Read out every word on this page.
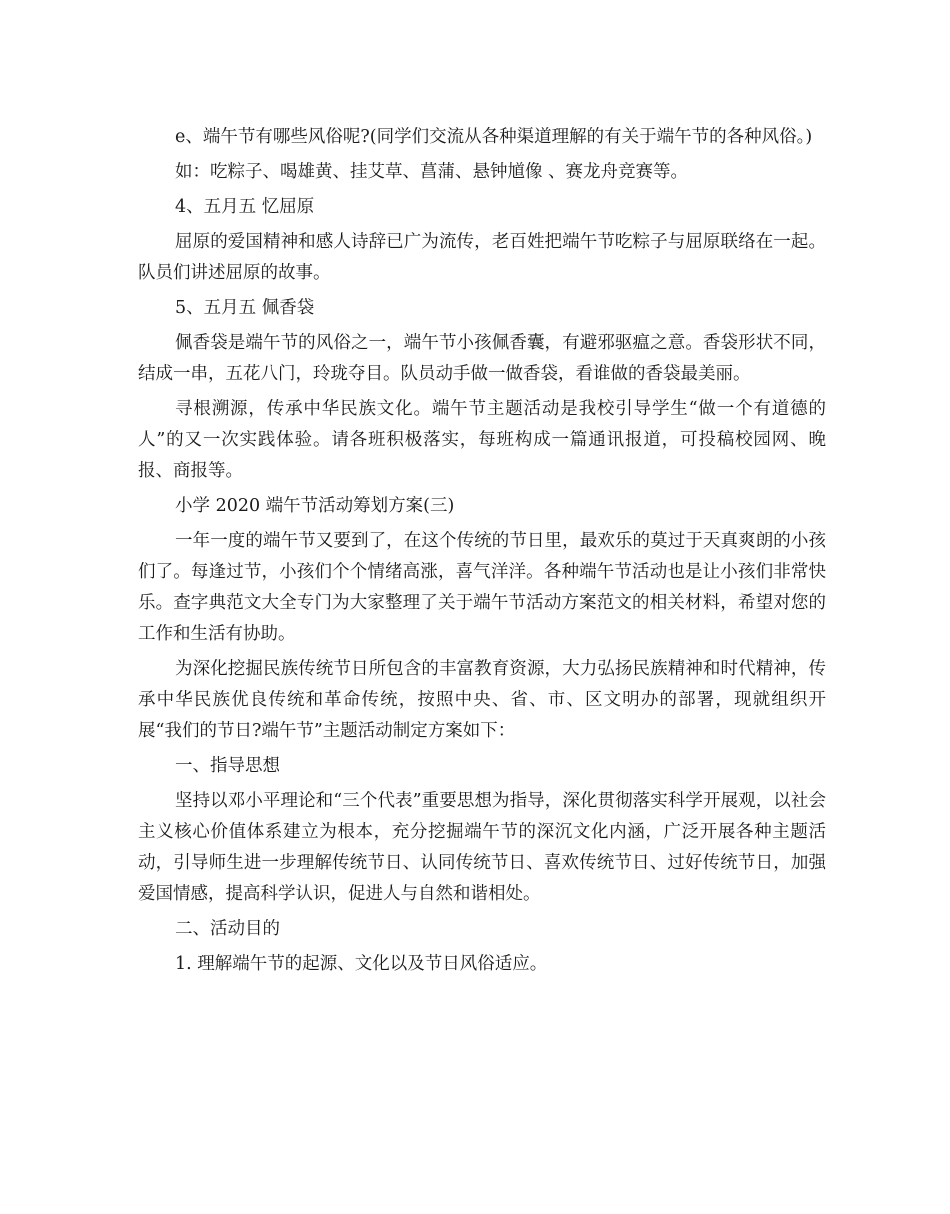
e、端午节有哪些风俗呢?(同学们交流从各种渠道理解的有关于端午节的各种风俗。)

如：吃粽子、喝雄黄、挂艾草、菖蒲、悬钟馗像 、赛龙舟竞赛等。

4、五月五 忆屈原

屈原的爱国精神和感人诗辞已广为流传，老百姓把端午节吃粽子与屈原联络在一起。队员们讲述屈原的故事。

5、五月五 佩香袋

佩香袋是端午节的风俗之一，端午节小孩佩香囊，有避邪驱瘟之意。香袋形状不同，结成一串，五花八门，玲珑夺目。队员动手做一做香袋，看谁做的香袋最美丽。

寻根溯源，传承中华民族文化。端午节主题活动是我校引导学生“做一个有道德的人”的又一次实践体验。请各班积极落实，每班构成一篇通讯报道，可投稿校园网、晚报、商报等。

小学 2020 端午节活动筹划方案(三)

一年一度的端午节又要到了，在这个传统的节日里，最欢乐的莫过于天真爽朗的小孩们了。每逢过节，小孩们个个情绪高涨，喜气洋洋。各种端午节活动也是让小孩们非常快乐。查字典范文大全专门为大家整理了关于端午节活动方案范文的相关材料，希望对您的工作和生活有协助。

为深化挖掘民族传统节日所包含的丰富教育资源，大力弘扬民族精神和时代精神，传承中华民族优良传统和革命传统，按照中央、省、市、区文明办的部署，现就组织开展“我们的节日?端午节”主题活动制定方案如下：

一、指导思想

坚持以邓小平理论和“三个代表”重要思想为指导，深化贯彻落实科学开展观，以社会主义核心价值体系建立为根本，充分挖掘端午节的深沉文化内涵，广泛开展各种主题活动，引导师生进一步理解传统节日、认同传统节日、喜欢传统节日、过好传统节日，加强爱国情感，提高科学认识，促进人与自然和谐相处。

二、活动目的

1. 理解端午节的起源、文化以及节日风俗适应。
